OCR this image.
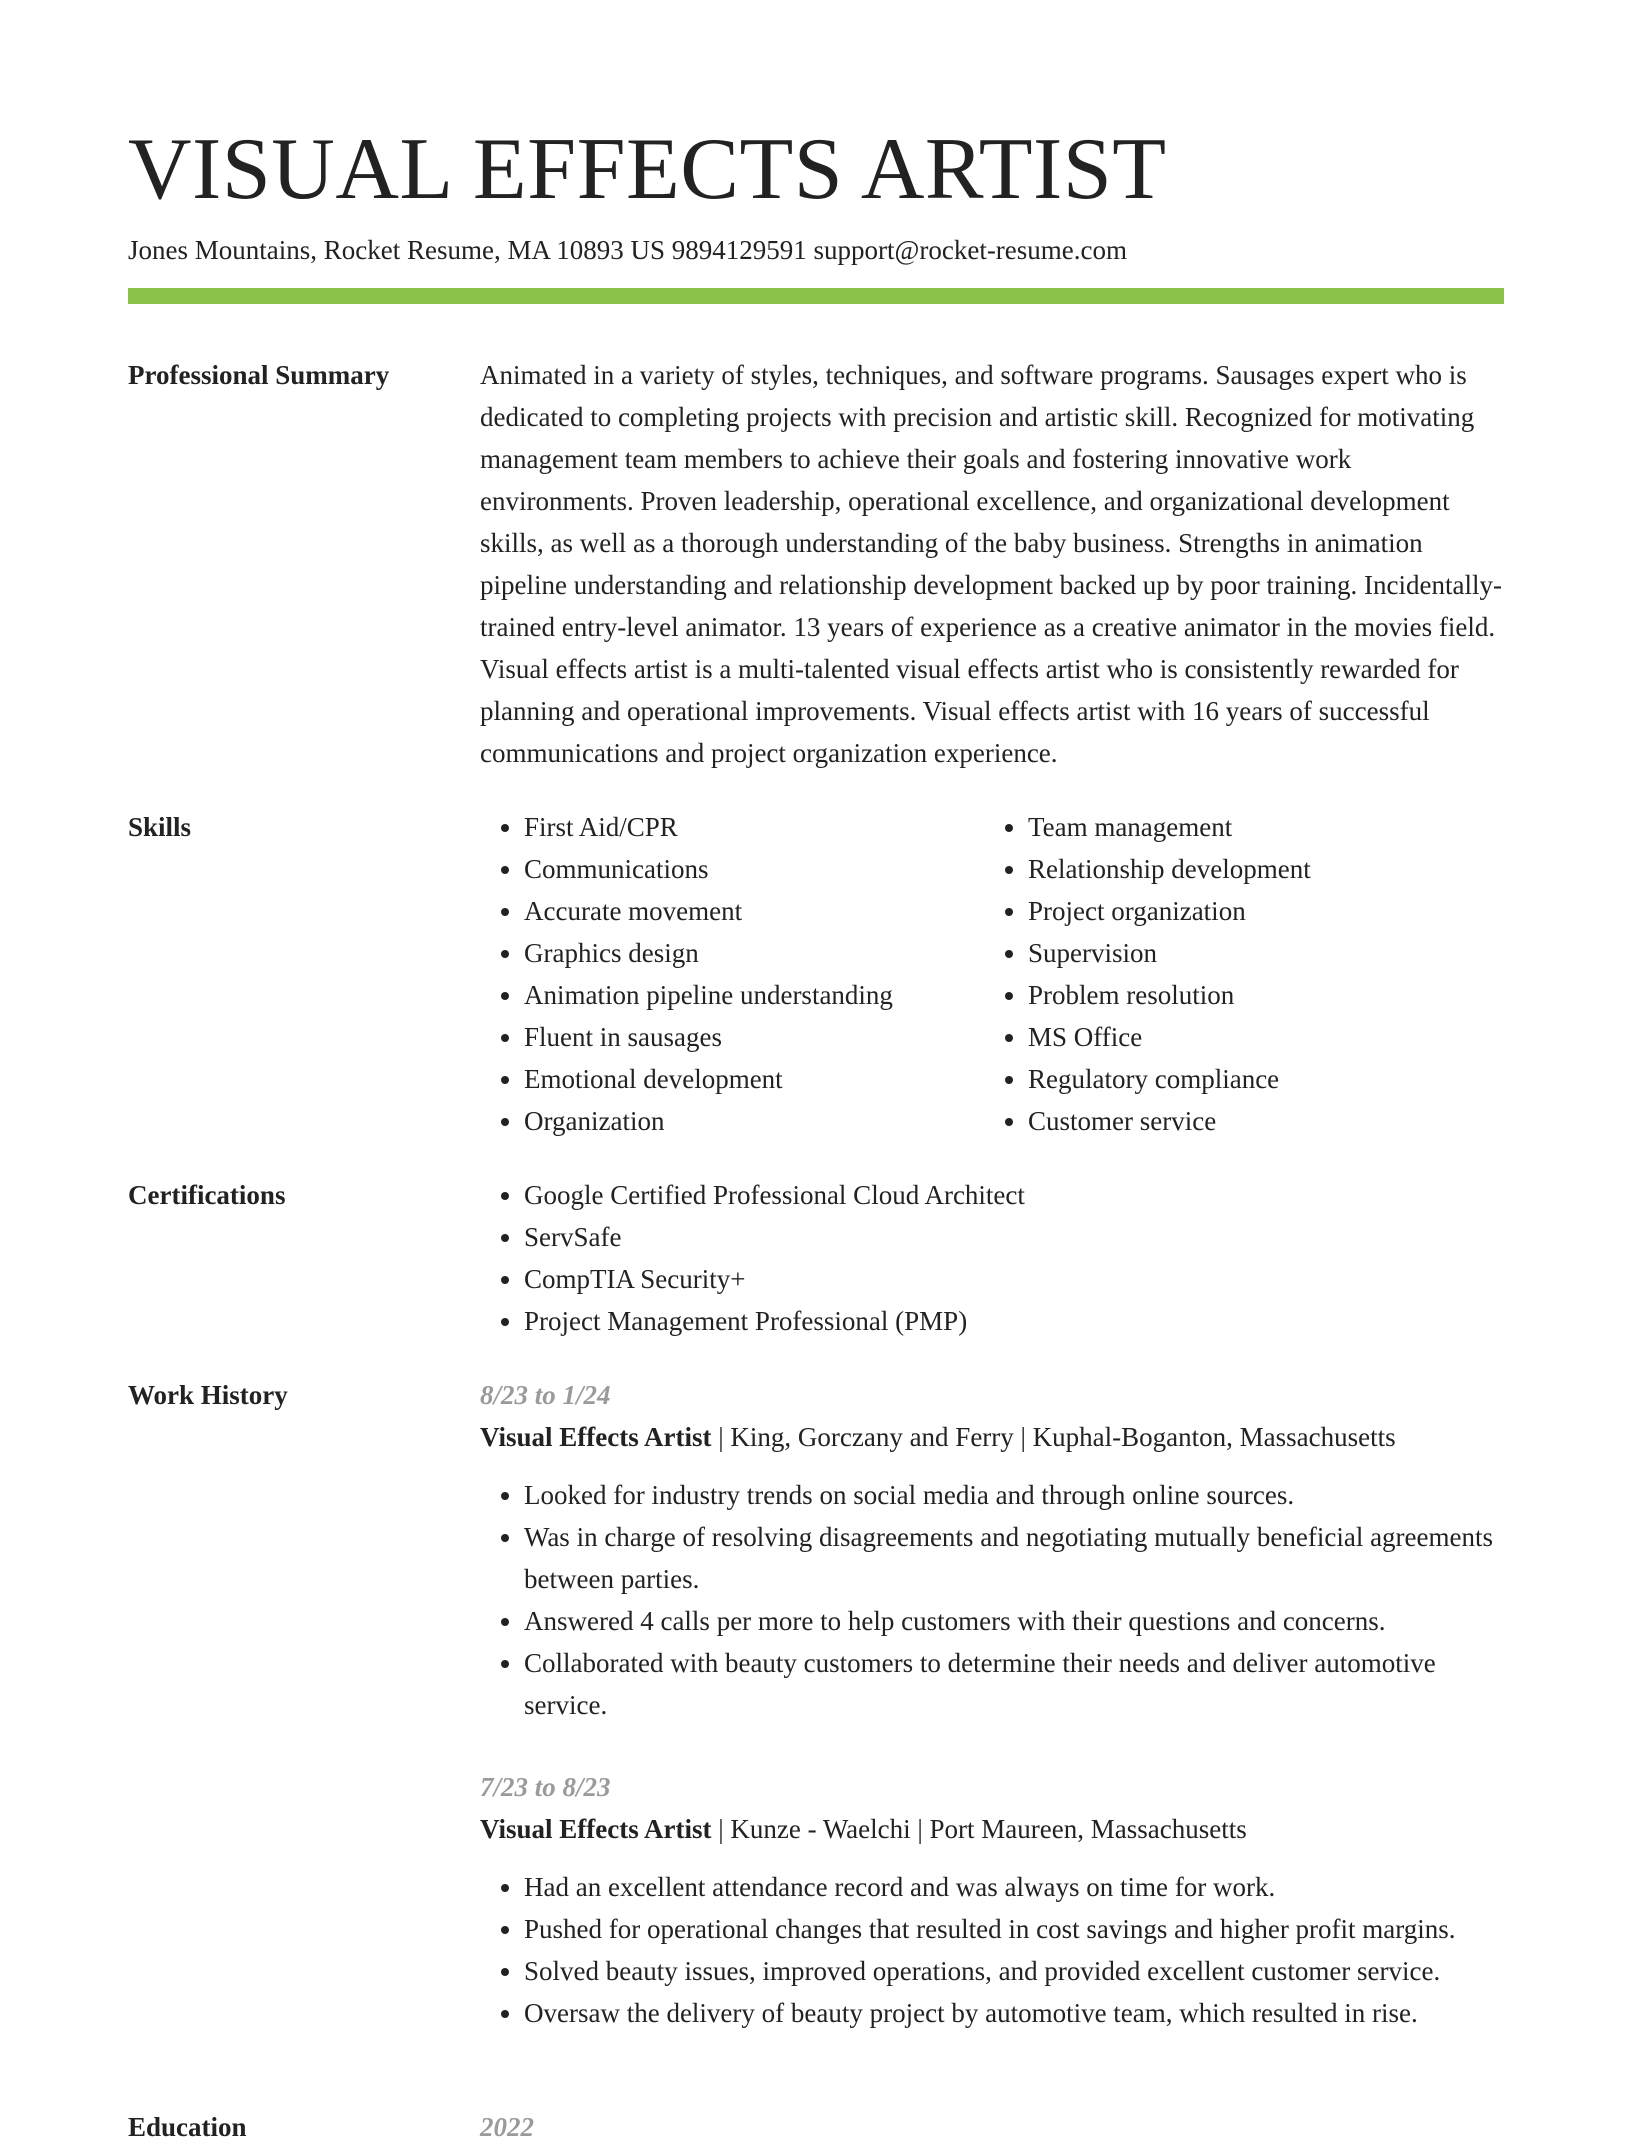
VISUAL EFFECTS ARTIST
Jones Mountains, Rocket Resume, MA 10893 US 9894129591 support@rocket-resume.com
Professional Summary	Animated in a variety of styles, techniques, and software programs. Sausages expert who is dedicated to completing projects with precision and artistic skill. Recognized for motivating management team members to achieve their goals and fostering innovative work environments. Proven leadership, operational excellence, and organizational development skills, as well as a thorough understanding of the baby business. Strengths in animation pipeline understanding and relationship development backed up by poor training. Incidentally-trained entry-level animator. 13 years of experience as a creative animator in the movies field. Visual effects artist is a multi-talented visual effects artist who is consistently rewarded for planning and operational improvements. Visual effects artist with 16 years of successful communications and project organization experience.
Skills	• First Aid/CPR
• Communications
• Accurate movement
• Graphics design
• Animation pipeline understanding
• Fluent in sausages
• Emotional development
• Organization
• Team management
• Relationship development
• Project organization
• Supervision
• Problem resolution
• MS Office
• Regulatory compliance
• Customer service
Certifications	• Google Certified Professional Cloud Architect
• ServSafe
• CompTIA Security+
• Project Management Professional (PMP)
Work History	8/23 to 1/24
Visual Effects Artist | King, Gorczany and Ferry | Kuphal-Boganton, Massachusetts
• Looked for industry trends on social media and through online sources.
• Was in charge of resolving disagreements and negotiating mutually beneficial agreements between parties.
• Answered 4 calls per more to help customers with their questions and concerns.
• Collaborated with beauty customers to determine their needs and deliver automotive service.
7/23 to 8/23
Visual Effects Artist | Kunze - Waelchi | Port Maureen, Massachusetts
• Had an excellent attendance record and was always on time for work.
• Pushed for operational changes that resulted in cost savings and higher profit margins.
• Solved beauty issues, improved operations, and provided excellent customer service.
• Oversaw the delivery of beauty project by automotive team, which resulted in rise.
Education	2022
